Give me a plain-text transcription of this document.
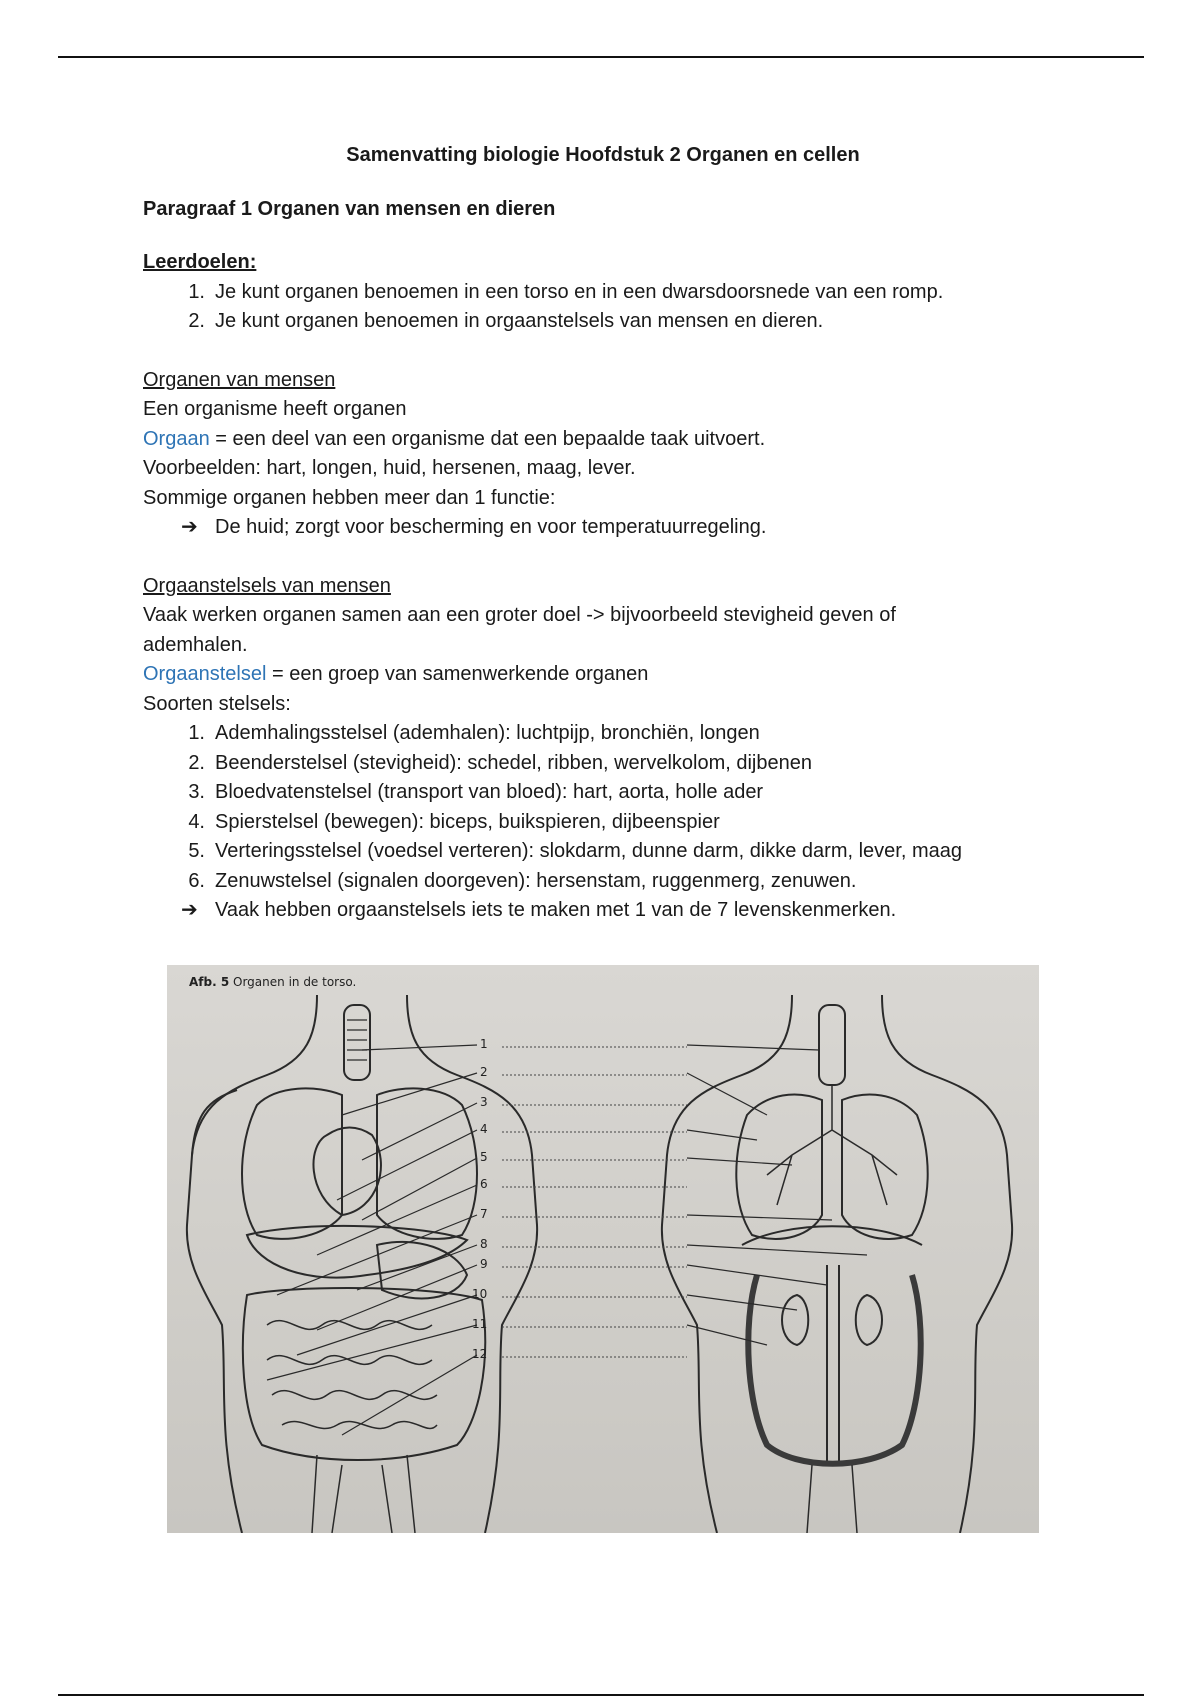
Samenvatting biologie Hoofdstuk 2 Organen en cellen
Paragraaf 1 Organen van mensen en dieren
Leerdoelen:
1. Je kunt organen benoemen in een torso en in een dwarsdoorsnede van een romp.
2. Je kunt organen benoemen in orgaanstelsels van mensen en dieren.
Organen van mensen
Een organisme heeft organen
Orgaan = een deel van een organisme dat een bepaalde taak uitvoert.
Voorbeelden: hart, longen, huid, hersenen, maag, lever.
Sommige organen hebben meer dan 1 functie:
➔ De huid; zorgt voor bescherming en voor temperatuurregeling.
Orgaanstelsels van mensen
Vaak werken organen samen aan een groter doel -> bijvoorbeeld stevigheid geven of
ademhalen.
Orgaanstelsel = een groep van samenwerkende organen
Soorten stelsels:
1. Ademhalingsstelsel (ademhalen): luchtpijp, bronchiën, longen
2. Beenderstelsel (stevigheid): schedel, ribben, wervelkolom, dijbenen
3. Bloedvatenstelsel (transport van bloed): hart, aorta, holle ader
4. Spierstelsel (bewegen): biceps, buikspieren, dijbeenspier
5. Verteringsstelsel (voedsel verteren): slokdarm, dunne darm, dikke darm, lever, maag
6. Zenuwstelsel (signalen doorgeven): hersenstam, ruggenmerg, zenuwen.
➔ Vaak hebben orgaanstelsels iets te maken met 1 van de 7 levenskenmerken.
Afb. 5 Organen in de torso.
1
2
3
4
5
6
7
8
9
10
11
12
